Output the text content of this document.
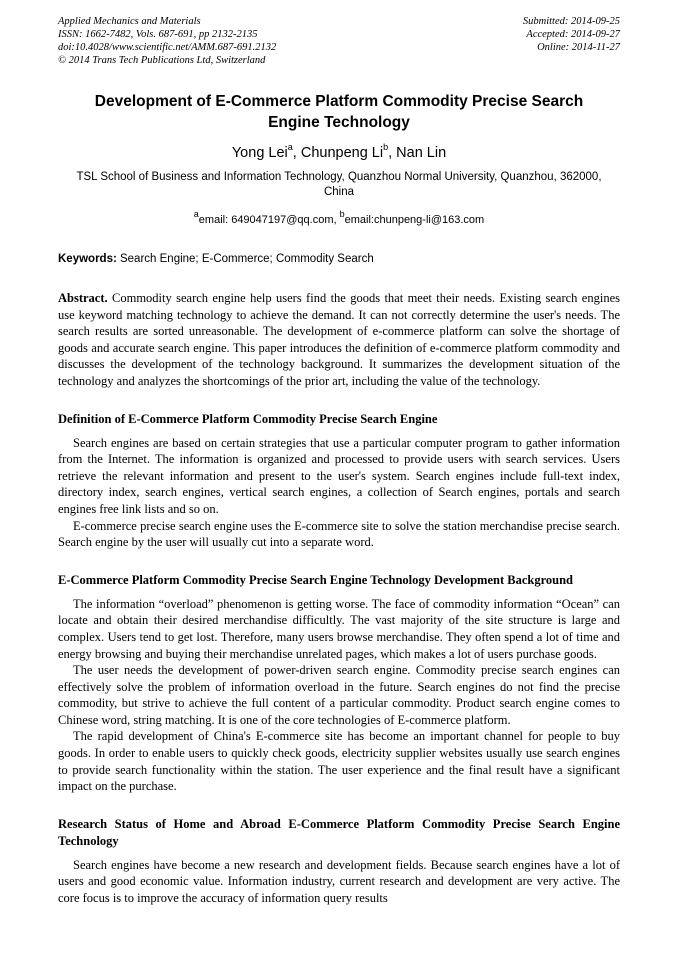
Applied Mechanics and Materials
ISSN: 1662-7482, Vols. 687-691, pp 2132-2135
doi:10.4028/www.scientific.net/AMM.687-691.2132
© 2014 Trans Tech Publications Ltd, Switzerland
Submitted: 2014-09-25
Accepted: 2014-09-27
Online: 2014-11-27
Development of E-Commerce Platform Commodity Precise Search Engine Technology
Yong Lei$^a$, Chunpeng Li$^b$, Nan Lin
TSL School of Business and Information Technology, Quanzhou Normal University, Quanzhou, 362000, China
$^a$email: 649047197@qq.com, $^b$email:chunpeng-li@163.com
Keywords: Search Engine; E-Commerce; Commodity Search

Abstract. Commodity search engine help users find the goods that meet their needs. Existing search engines use keyword matching technology to achieve the demand. It can not correctly determine the user's needs. The search results are sorted unreasonable. The development of e-commerce platform can solve the shortage of goods and accurate search engine. This paper introduces the definition of e-commerce platform commodity and discusses the development of the technology background. It summarizes the development situation of the technology and analyzes the shortcomings of the prior art, including the value of the technology.

Definition of E-Commerce Platform Commodity Precise Search Engine

Search engines are based on certain strategies that use a particular computer program to gather information from the Internet. The information is organized and processed to provide users with search services. Users retrieve the relevant information and present to the user's system. Search engines include full-text index, directory index, search engines, vertical search engines, a collection of Search engines, portals and search engines free link lists and so on.

E-commerce precise search engine uses the E-commerce site to solve the station merchandise precise search. Search engine by the user will usually cut into a separate word.

E-Commerce Platform Commodity Precise Search Engine Technology Development Background

The information “overload” phenomenon is getting worse. The face of commodity information “Ocean” can locate and obtain their desired merchandise difficultly. The vast majority of the site structure is large and complex. Users tend to get lost. Therefore, many users browse merchandise. They often spend a lot of time and energy browsing and buying their merchandise unrelated pages, which makes a lot of users purchase goods.

The user needs the development of power-driven search engine. Commodity precise search engines can effectively solve the problem of information overload in the future. Search engines do not find the precise commodity, but strive to achieve the full content of a particular commodity. Product search engine comes to Chinese word, string matching. It is one of the core technologies of E-commerce platform.

The rapid development of China's E-commerce site has become an important channel for people to buy goods. In order to enable users to quickly check goods, electricity supplier websites usually use search engines to provide search functionality within the station. The user experience and the final result have a significant impact on the purchase.

Research Status of Home and Abroad E-Commerce Platform Commodity Precise Search Engine Technology

Search engines have become a new research and development fields. Because search engines have a lot of users and good economic value. Information industry, current research and development are very active. The core focus is to improve the accuracy of information query results
